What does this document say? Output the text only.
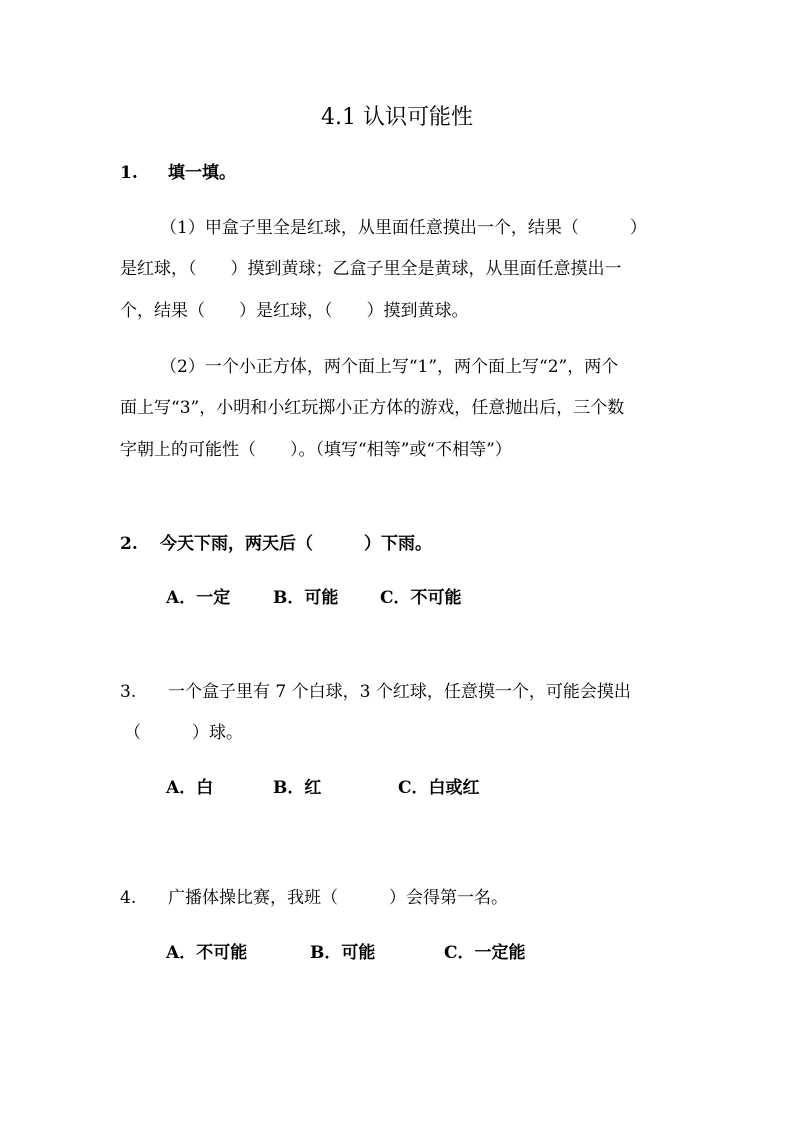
4.1 认识可能性
1. 填一填。
（1）甲盒子里全是红球，从里面任意摸出一个，结果（　　　）
是红球，（　　）摸到黄球；乙盒子里全是黄球，从里面任意摸出一
个，结果（　　）是红球，（　　）摸到黄球。
（2）一个小正方体，两个面上写“1”，两个面上写“2”，两个
面上写“3”，小明和小红玩掷小正方体的游戏，任意抛出后，三个数
字朝上的可能性（　　）。（填写“相等”或“不相等”）
2. 今天下雨，两天后（　　　）下雨。
A．一定	B．可能 C．不可能
3. 一个盒子里有 7 个白球，3 个红球，任意摸一个，可能会摸出
（　　　）球。
A．白	B．红	C．白或红
4. 广播体操比赛，我班（　　　）会得第一名。
A．不可能	B．可能	C．一定能
